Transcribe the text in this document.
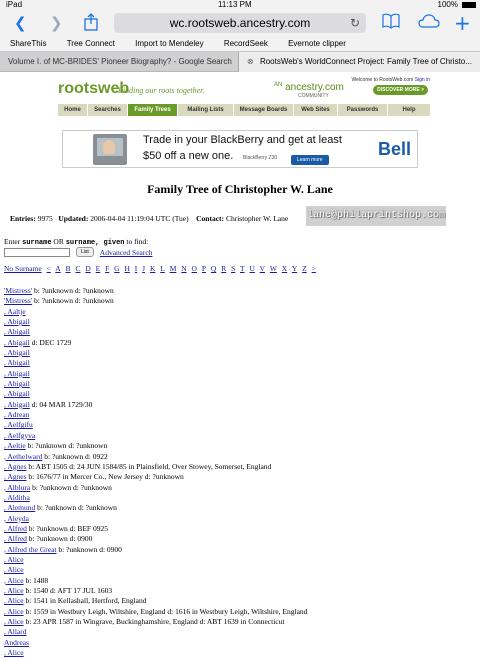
iPad	11:13 PM	100%
❮ ❯	wc.rootsweb.ancestry.com	↻	+
ShareThis	Tree Connect	Import to Mendeley	RecordSeek	Evernote clipper
Volume I. of MC-BRIDES' Pioneer Biography? - Google Search	⊗ RootsWeb's WorldConnect Project: Family Tree of Christo...
rootsweb
Finding our roots together.
$^{AN}$ ancestry.com
COMMUNITY
Welcome to RootsWeb.com Sign in
DISCOVER MORE >
Home	Searches	Family Trees	Mailing Lists	Message Boards	Web Sites	Passwords	Help
Trade in your BlackBerry and get at least
$50 off a new one. BlackBerry Z30	Learn more
Bell
Family Tree of Christopher W. Lane
Entries: 9975 Updated: 2006-04-04 11:19:04 UTC (Tue) Contact: Christopher W. Lane lane@philaprintshop.com
Enter surname OR surname, given to find:
List	Advanced Search
No Surname < A B C D E F G H I J K L M N O P Q R S T U V W X Y Z >
'Mistress' b: ?unknown d: ?unknown
'Mistress' b: ?unknown d: ?unknown
, Aaltje
, Abigail
, Abigail
, Abigail d: DEC 1729
, Abigail
, Abigail
, Abigail
, Abigail
, Abigail
, Abigail d: 04 MAR 1729/30
, Adrean
, Aelfgifu
, Aelfgyva
, Aeltie b: ?unknown d: ?unknown
, Aethelward b: ?unknown d: 0922
, Agnes b: ABT 1505 d: 24 JUN 1584/85 in Plainsfield, Over Stowey, Somerset, England
, Agnes b: 1676/77 in Mercer Co., New Jersey d: ?unknown
, Alblura b: ?unknown d: ?unknown
, Alditha
, Alemund b: ?unknown d: ?unknown
, Aleyda
, Alfred b: ?unknown d: BEF 0925
, Alfred b: ?unknown d: 0900
, Alfred the Great b: ?unknown d: 0900
, Alice
, Alice
, Alice b: 1488
, Alice b: 1540 d: AFT 17 JUL 1603
, Alice b: 1541 in Kellashall, Hertford, England
, Alice b: 1559 in Westbury Leigh, Wiltshire, England d: 1616 in Westbury Leigh, Wiltshire, England
, Alice b: 23 APR 1587 in Wingrave, Buckinghamshire, England d: ABT 1639 in Connecticut
, Allard
Andreas
, Alice
